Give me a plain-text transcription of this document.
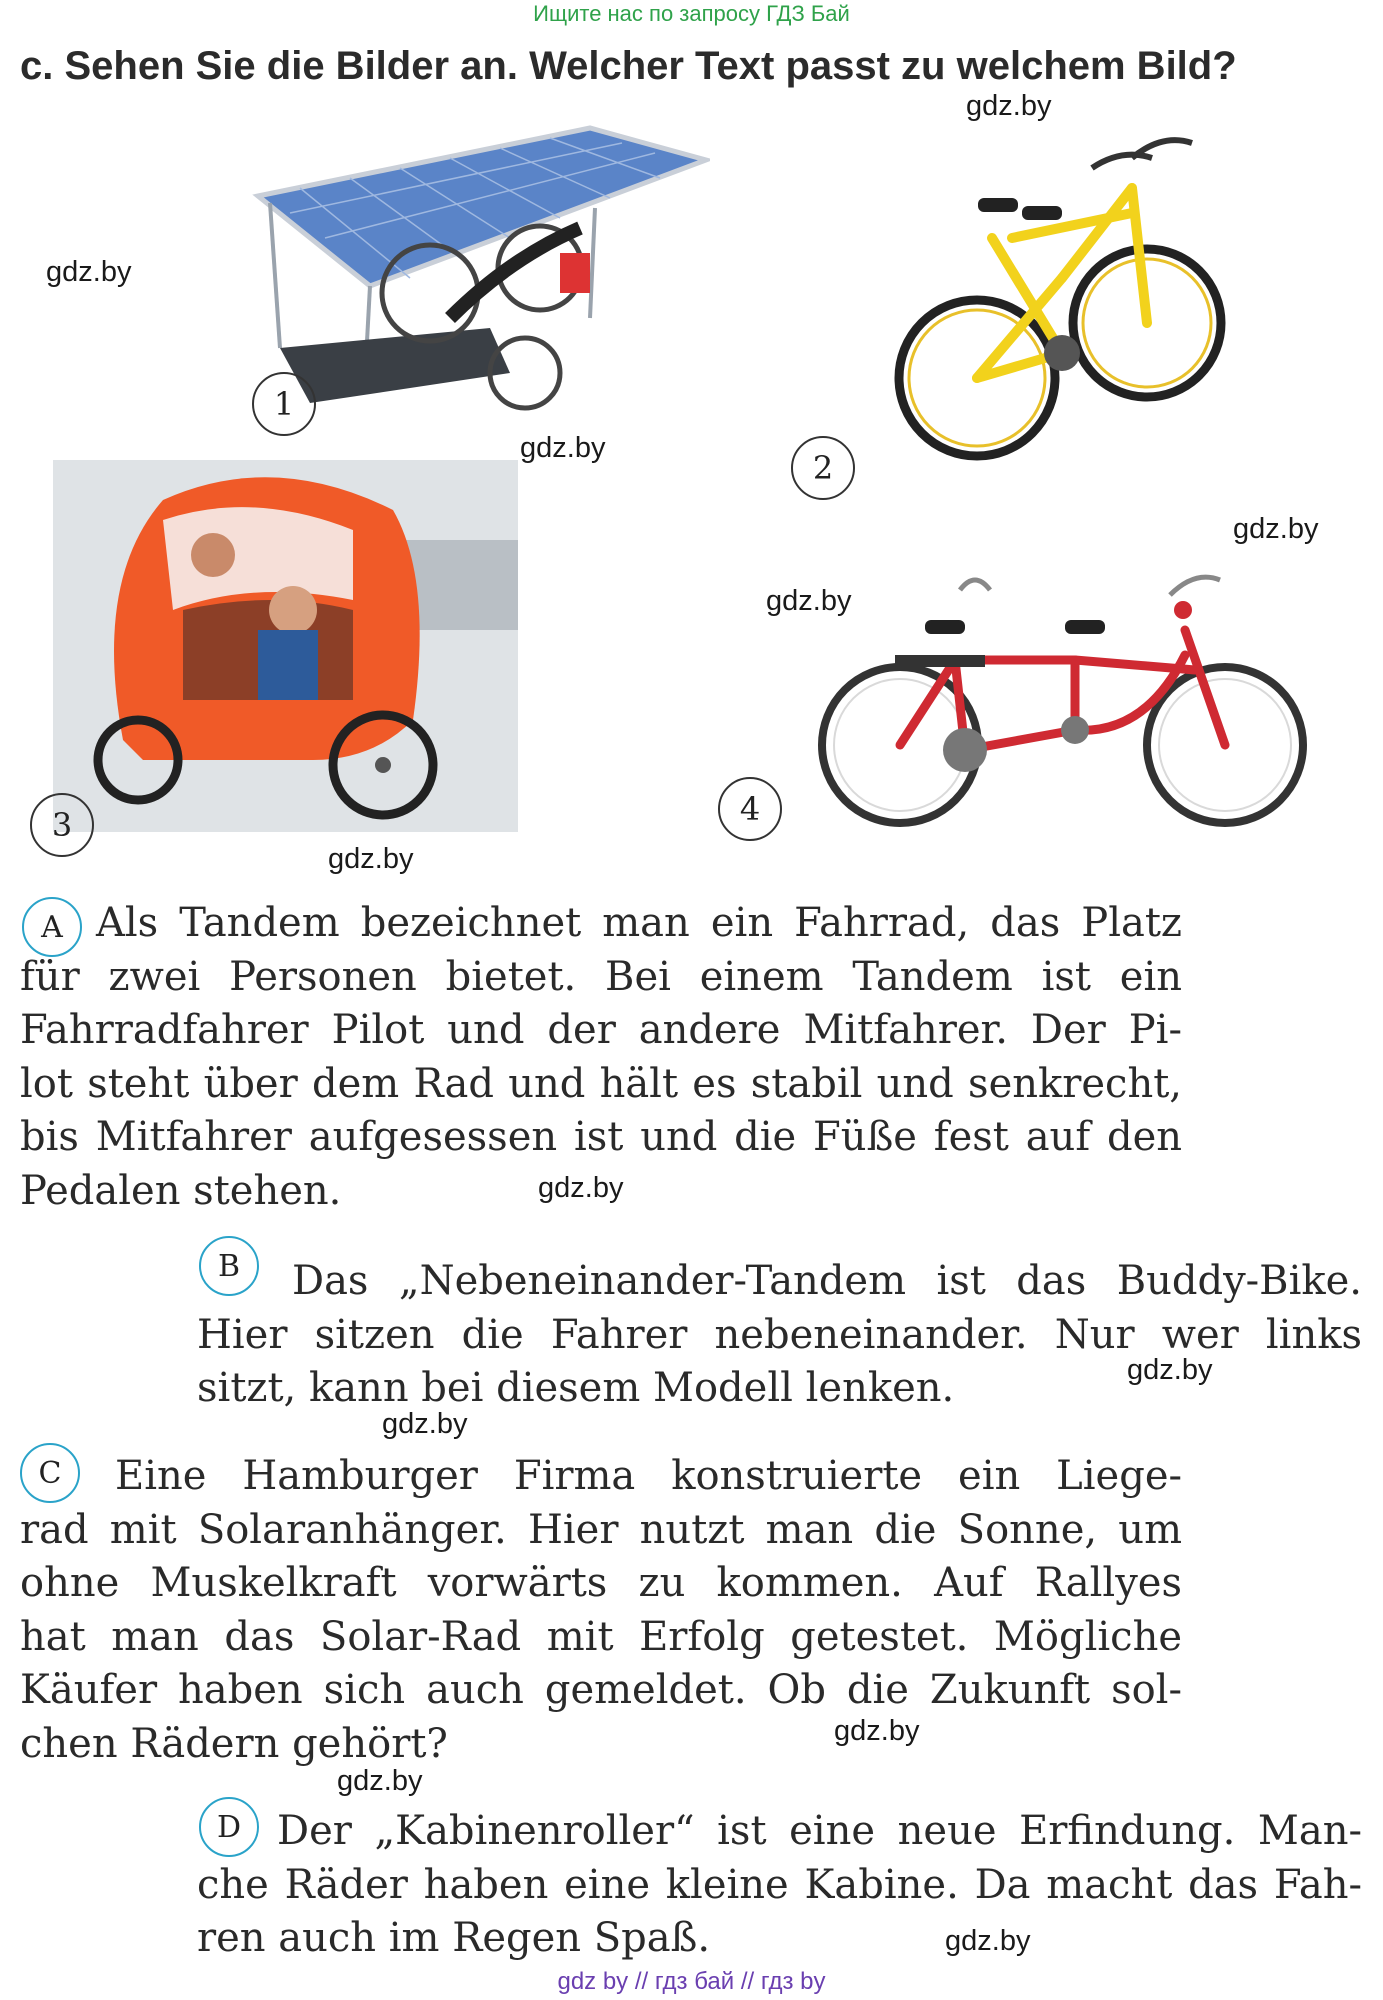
Ищите нас по запросу ГДЗ Бай
c. Sehen Sie die Bilder an. Welcher Text passt zu welchem Bild?
gdz.by
gdz.by
gdz.by
gdz.by
gdz.by
gdz.by
gdz.by
gdz.by
gdz.by
gdz.by
gdz.by
gdz.by
1
2
3	4
A Als Tandem bezeichnet man ein Fahrrad, das Platz
für zwei Personen bietet. Bei einem Tandem ist ein
Fahrradfahrer Pilot und der andere Mitfahrer. Der Pi-
lot steht über dem Rad und hält es stabil und senkrecht,
bis Mitfahrer aufgesessen ist und die Füße fest auf den
Pedalen stehen.
B	Das „Nebeneinander-Tandem ist das Buddy-Bike.
Hier sitzen die Fahrer nebeneinander. Nur wer links
sitzt, kann bei diesem Modell lenken.
C	Eine Hamburger Firma konstruierte ein Liege-
rad mit Solaranhänger. Hier nutzt man die Sonne, um
ohne Muskelkraft vorwärts zu kommen. Auf Rallyes
hat man das Solar-Rad mit Erfolg getestet. Mögliche
Käufer haben sich auch gemeldet. Ob die Zukunft sol-
chen Rädern gehört?
D Der „Kabinenroller“ ist eine neue Erfindung. Man-
che Räder haben eine kleine Kabine. Da macht das Fah-
ren auch im Regen Spaß.
gdz by // гдз бай // гдз by
